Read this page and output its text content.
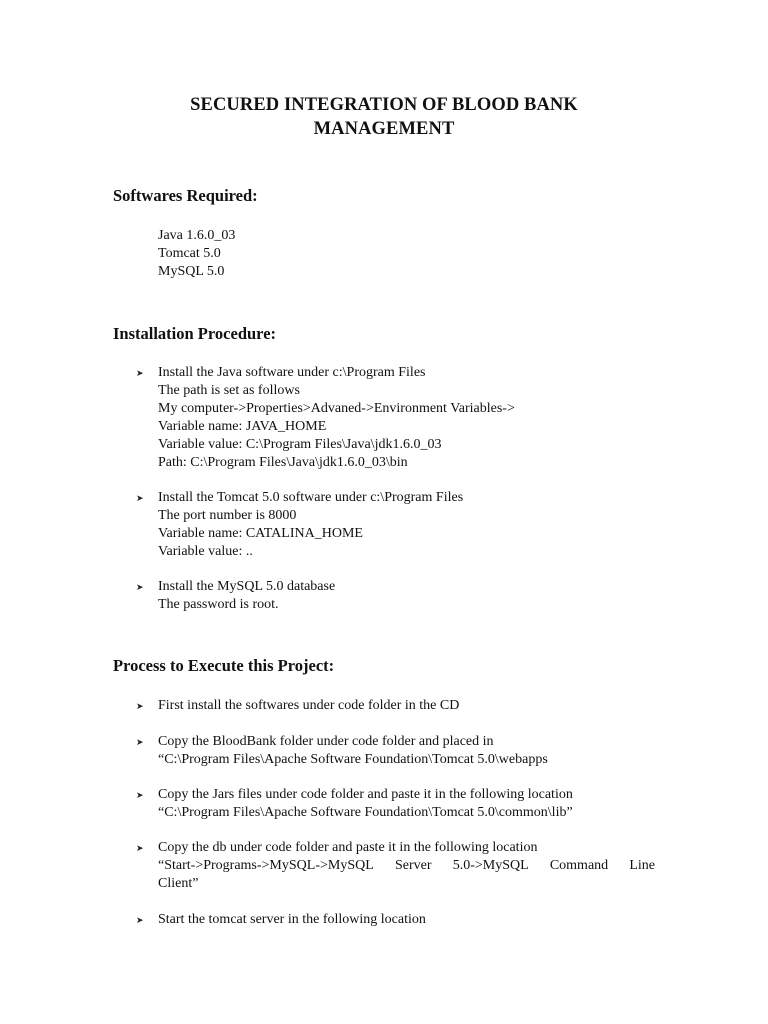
SECURED INTEGRATION OF BLOOD BANK
MANAGEMENT
Softwares Required:
Java 1.6.0_03
Tomcat 5.0
MySQL 5.0
Installation Procedure:
➤ Install the Java software under c:\Program Files
The path is set as follows
My computer->Properties>Advaned->Environment Variables->
Variable name: JAVA_HOME
Variable value: C:\Program Files\Java\jdk1.6.0_03
Path: C:\Program Files\Java\jdk1.6.0_03\bin
➤ Install the Tomcat 5.0 software under c:\Program Files
The port number is 8000
Variable name: CATALINA_HOME
Variable value: ..
➤ Install the MySQL 5.0 database
The password is root.
Process to Execute this Project:
➤ First install the softwares under code folder in the CD
➤ Copy the BloodBank folder under code folder and placed in
“C:\Program Files\Apache Software Foundation\Tomcat 5.0\webapps
➤ Copy the Jars files under code folder and paste it in the following location
“C:\Program Files\Apache Software Foundation\Tomcat 5.0\common\lib”
➤ Copy the db under code folder and paste it in the following location
“Start->Programs->MySQL->MySQL Server 5.0->MySQL Command Line
Client”
➤ Start the tomcat server in the following location
